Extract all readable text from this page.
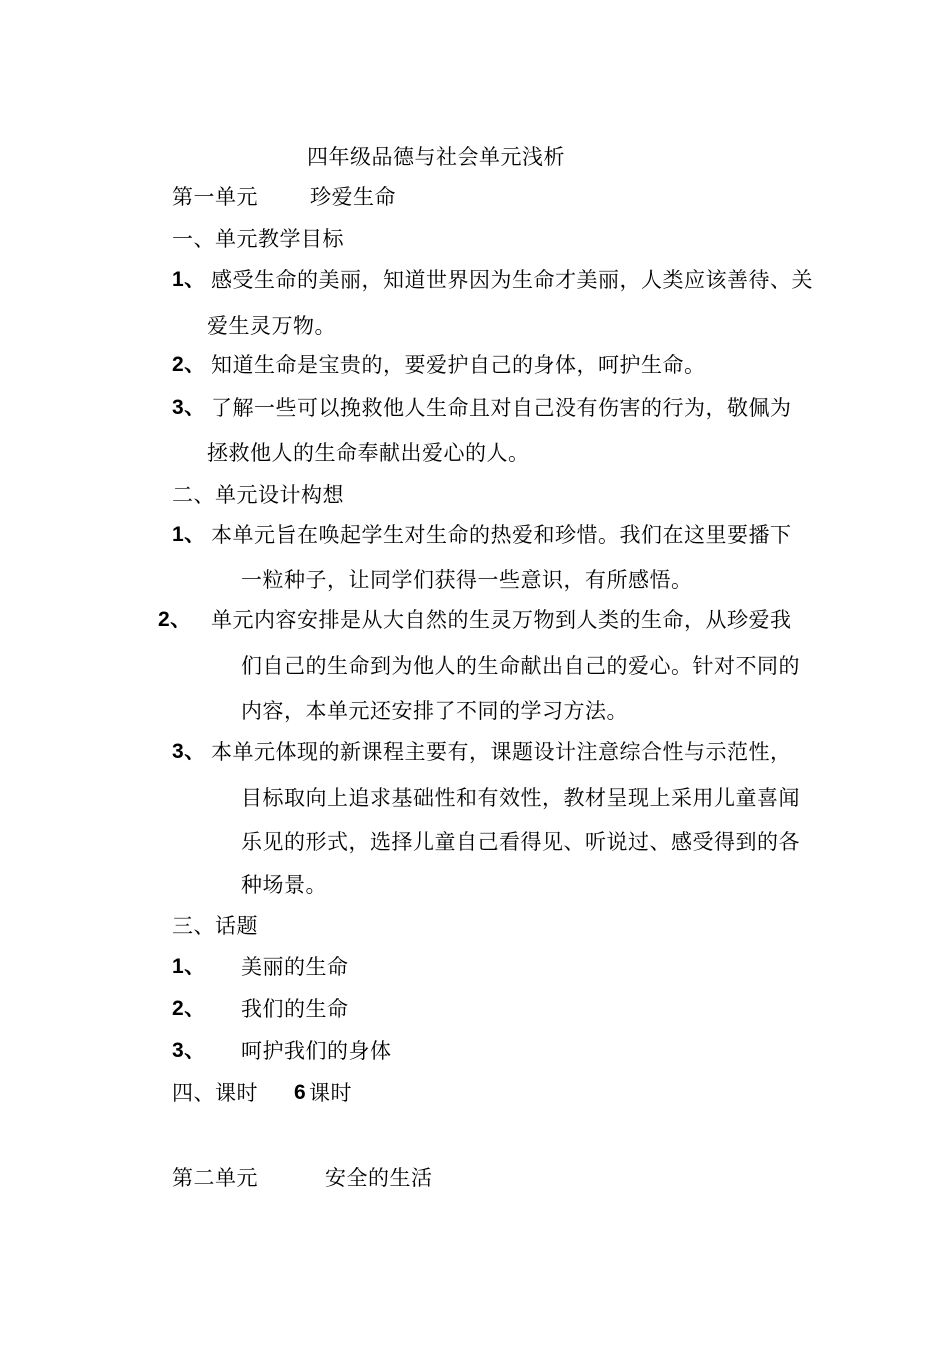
四年级品德与社会单元浅析
第一单元 珍爱生命
一、单元教学目标
1、 感受生命的美丽，知道世界因为生命才美丽，人类应该善待、关
爱生灵万物。
2、 知道生命是宝贵的，要爱护自己的身体，呵护生命。
3、 了解一些可以挽救他人生命且对自己没有伤害的行为，敬佩为
拯救他人的生命奉献出爱心的人。
二、单元设计构想
1、 本单元旨在唤起学生对生命的热爱和珍惜。我们在这里要播下
一粒种子，让同学们获得一些意识，有所感悟。
2、 单元内容安排是从大自然的生灵万物到人类的生命，从珍爱我
们自己的生命到为他人的生命献出自己的爱心。针对不同的
内容，本单元还安排了不同的学习方法。
3、 本单元体现的新课程主要有，课题设计注意综合性与示范性，
目标取向上追求基础性和有效性，教材呈现上采用儿童喜闻
乐见的形式，选择儿童自己看得见、听说过、感受得到的各
种场景。
三、话题
1、 美丽的生命
2、 我们的生命
3、 呵护我们的身体
四、课时 6 课时
第二单元	安全的生活
